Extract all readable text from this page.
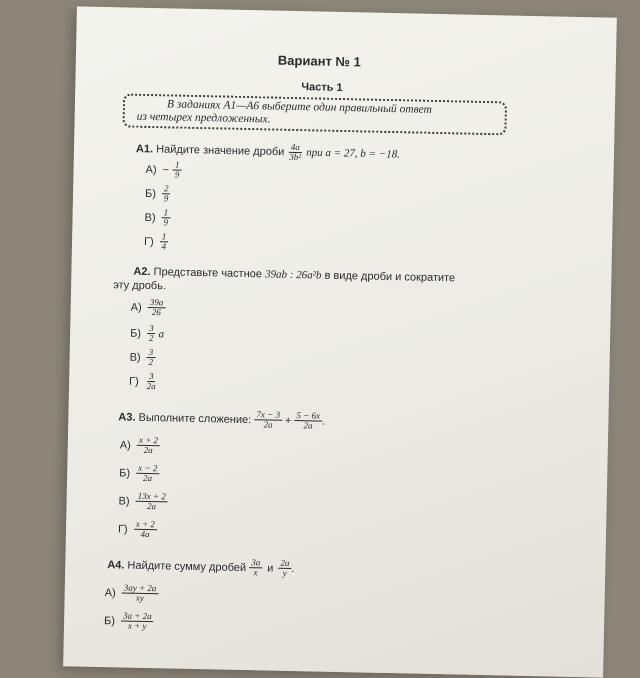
Вариант № 1
Часть 1
В заданиях А1—А6 выберите один правильный ответ
из четырех предложенных.
А1. Найдите значение дроби $\frac{4a}{\text{3b²}}$ при a = 27, b = −18.
$А) - \frac{1}{9}$
$Б) \frac{2}{9}$
$В) \frac{1}{9}$
$Г) \frac{1}{4}$
А2. Представьте частное 39ab : 26a²b в виде дроби и сократите
эту дробь.
$А) \frac{39a}{26}$
$Б) \frac{3}{2}$ a
$В) \frac{3}{2}$
$Г) \frac{3}{2a}$
А3.
Выполните сложение:
$\frac{7x - 3}{2a} + \frac{5 - 6x}{2a}$ .
$А) \frac{x + 2}{2a}$
$Б) \frac{x - 2}{2a}$
$В) \frac{13x + 2}{2a}$
$Г) \frac{x + 2}{4a}$
А4.
Найдите сумму дробей
$\frac{3a}{x}$ и $\frac{2a}{y}$ .
$А) \frac{3ay + 2a}{xy}$
$Б) \frac{3a + 2a}{x + y}$
